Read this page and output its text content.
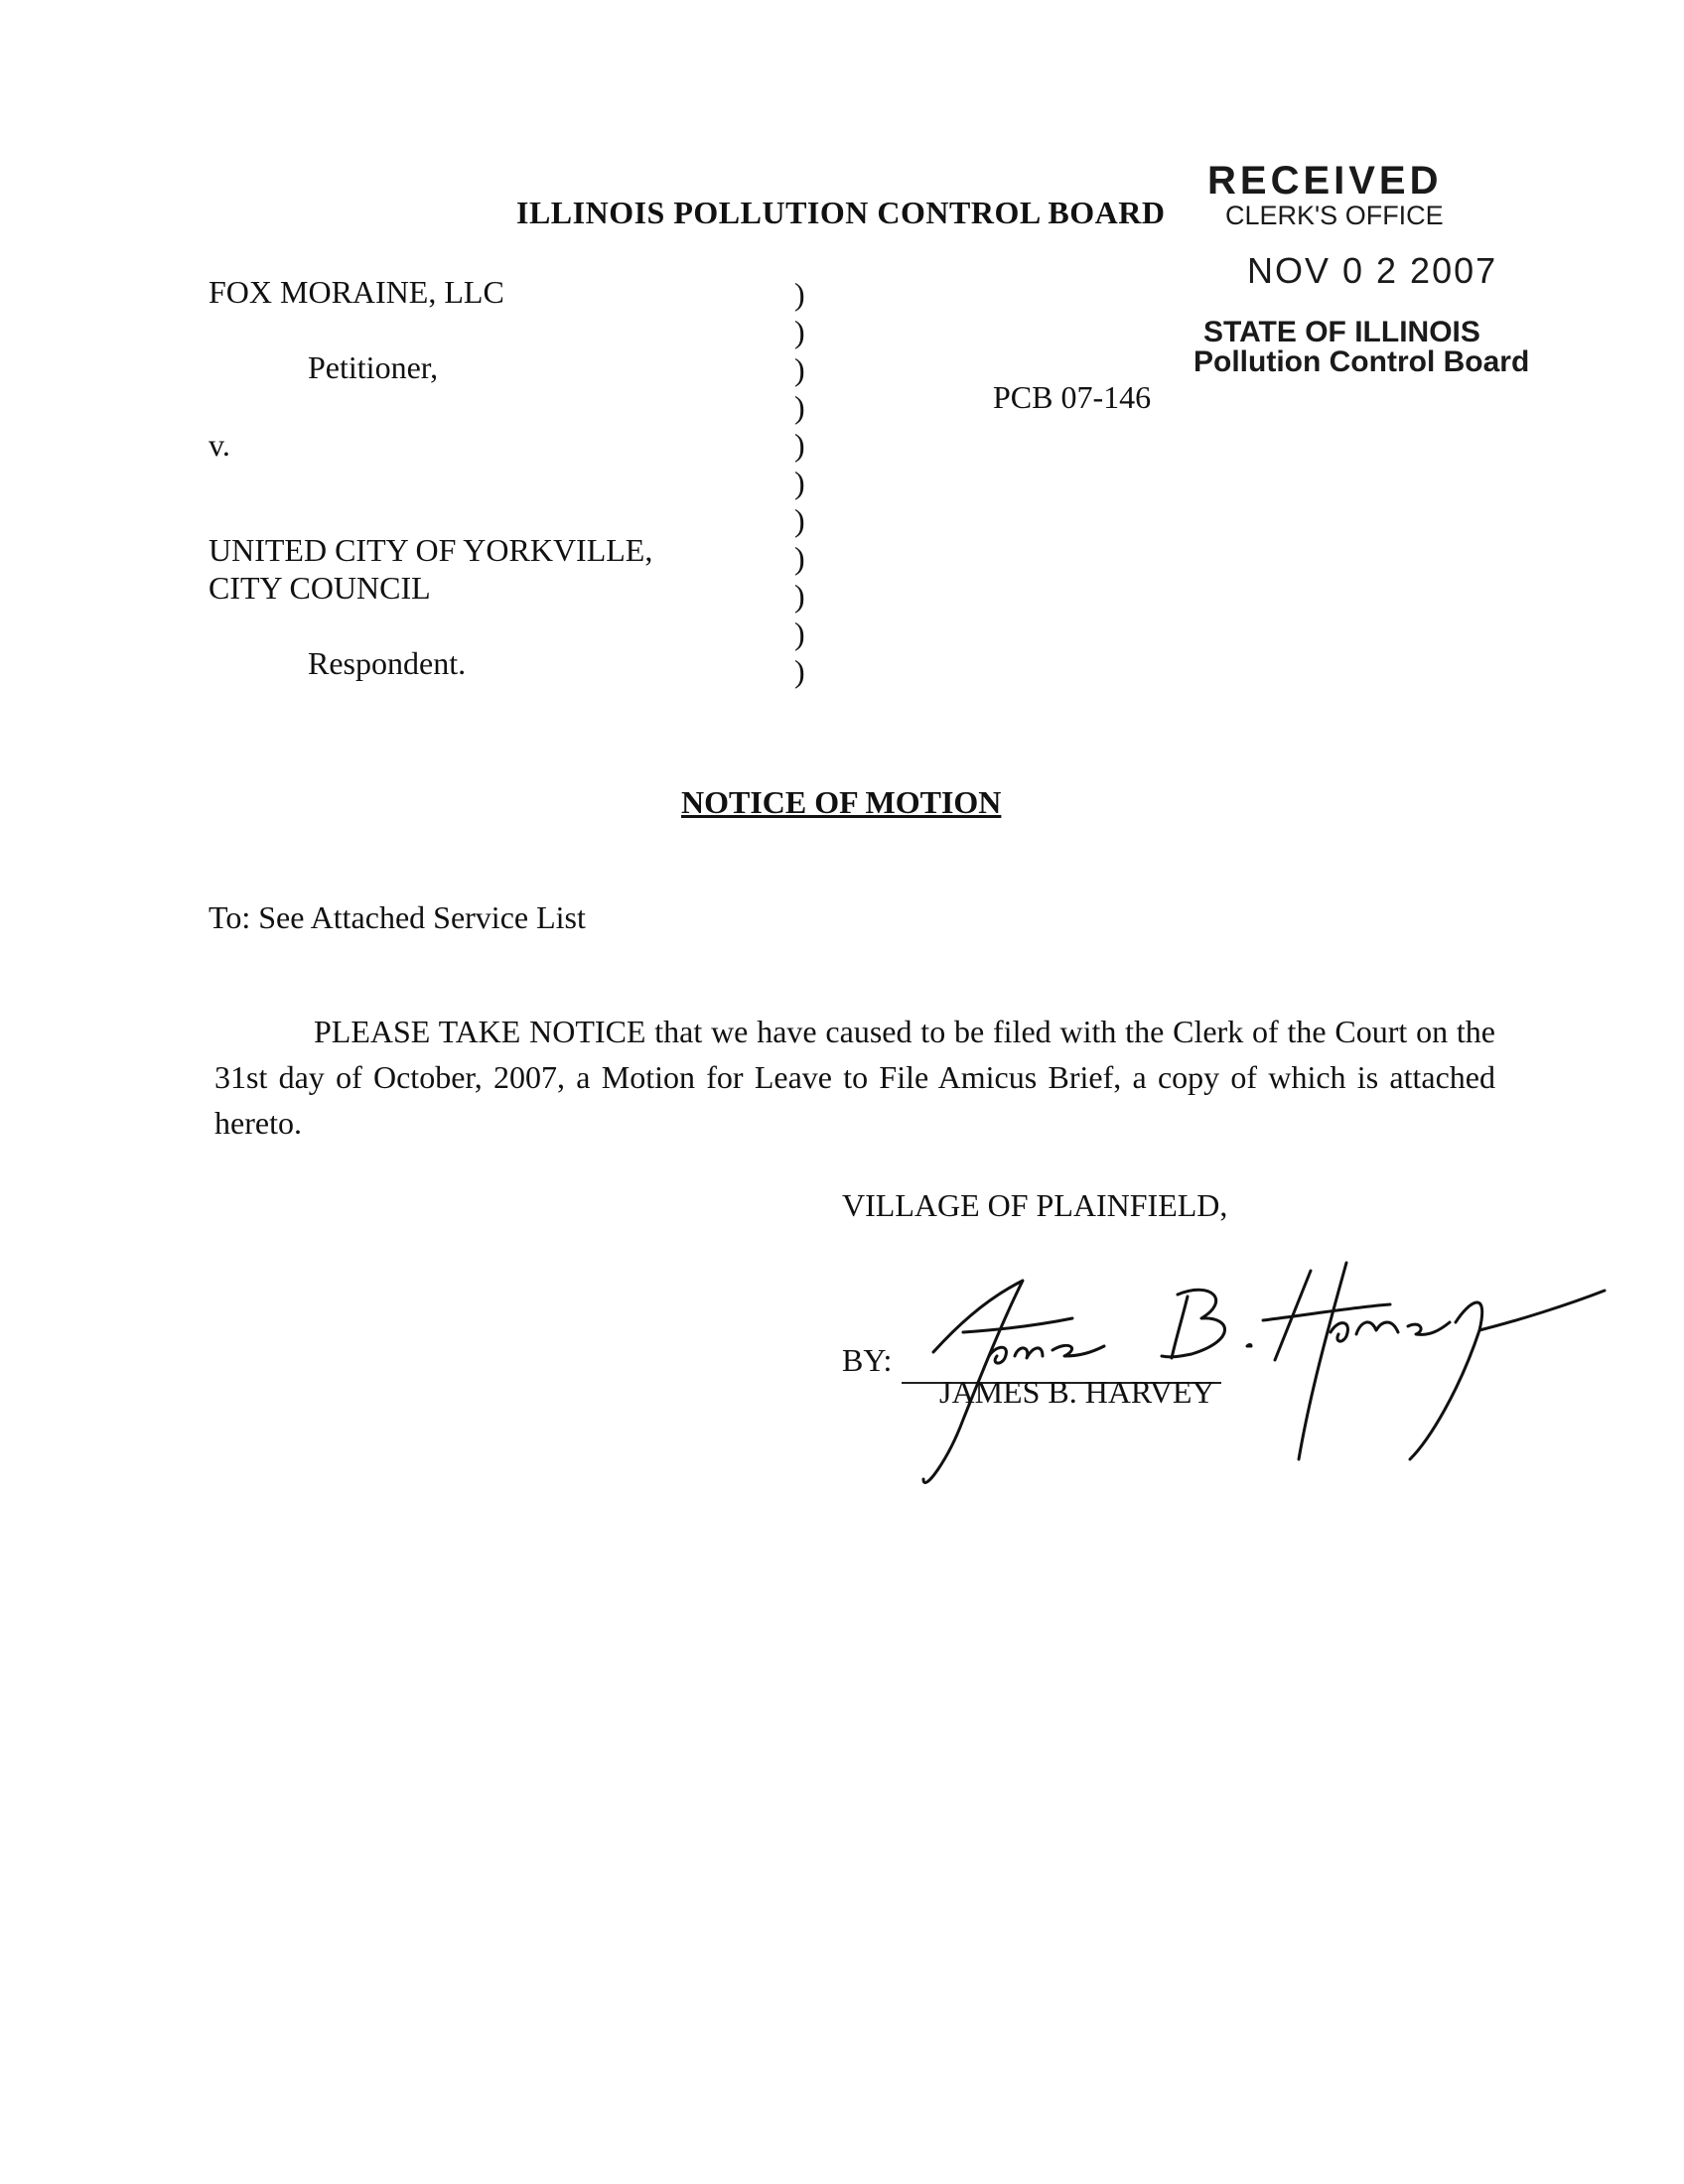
ILLINOIS POLLUTION CONTROL BOARD
RECEIVED
CLERK'S OFFICE
NOV 0 2 2007
STATE OF ILLINOIS
Pollution Control Board
FOX MORAINE, LLC
Petitioner,
v.
UNITED CITY OF YORKVILLE,
CITY COUNCIL
Respondent.
PCB 07-146
)
)
)
)
)
)
)
)
)
)
)
NOTICE OF MOTION
To: See Attached Service List
PLEASE TAKE NOTICE that we have caused to be filed with the Clerk of the Court on the 31st day of October, 2007, a Motion for Leave to File Amicus Brief, a copy of which is attached hereto.
VILLAGE OF PLAINFIELD,
BY:
JAMES B. HARVEY
